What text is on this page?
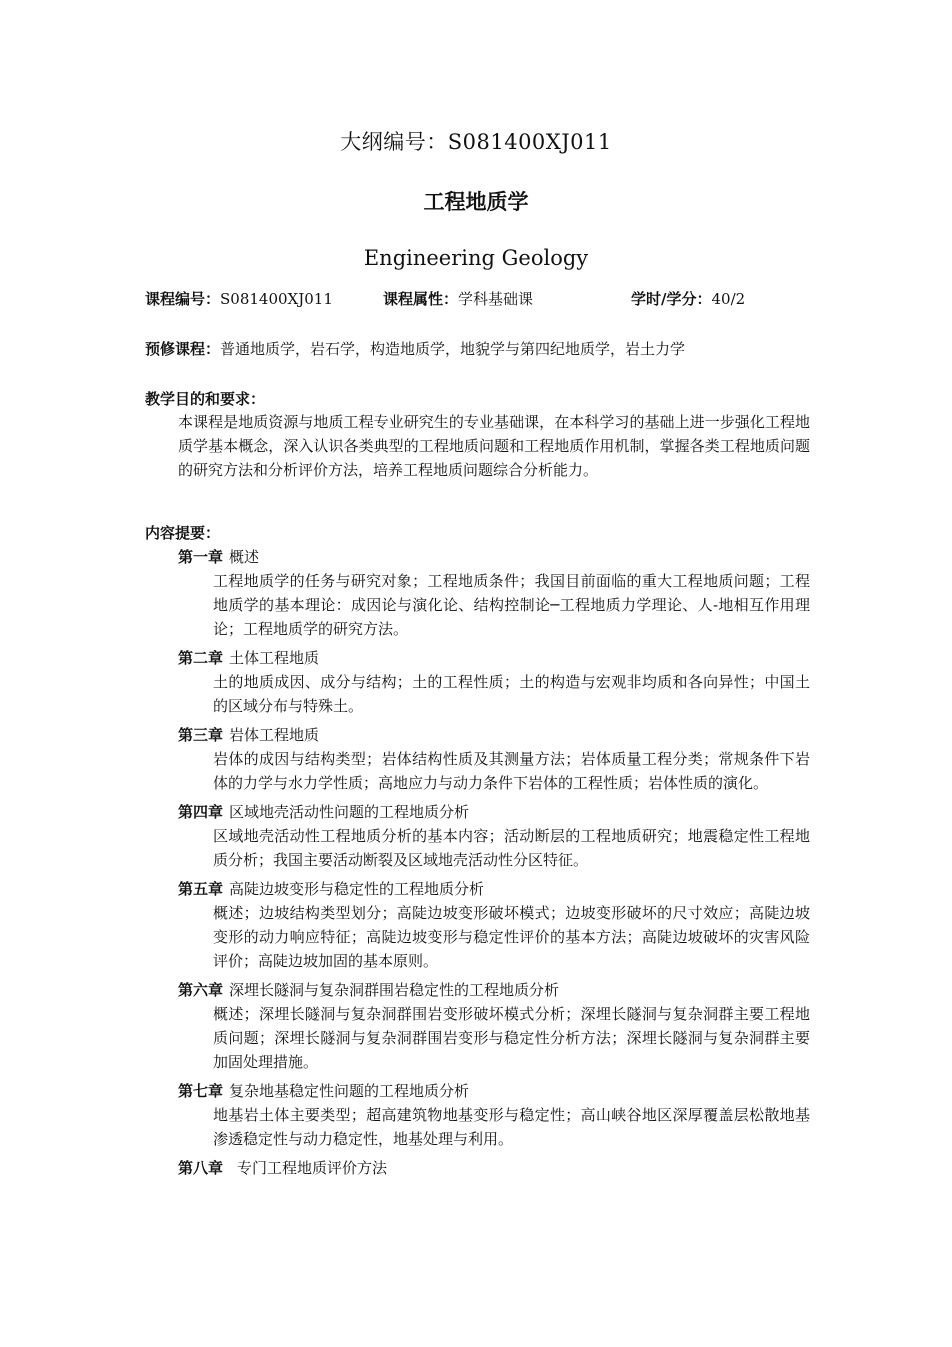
大纲编号：S081400XJ011
工程地质学
Engineering Geology
课程编号：S081400XJ011	课程属性：学科基础课	学时/学分：40/2
预修课程：普通地质学，岩石学，构造地质学，地貌学与第四纪地质学，岩土力学
教学目的和要求：
本课程是地质资源与地质工程专业研究生的专业基础课，在本科学习的基础上进一步强化工程地质学基本概念，深入认识各类典型的工程地质问题和工程地质作用机制，掌握各类工程地质问题的研究方法和分析评价方法，培养工程地质问题综合分析能力。
内容提要：
第一章 概述
工程地质学的任务与研究对象；工程地质条件；我国目前面临的重大工程地质问题；工程地质学的基本理论：成因论与演化论、结构控制论─工程地质力学理论、人-地相互作用理论；工程地质学的研究方法。
第二章 土体工程地质
土的地质成因、成分与结构；土的工程性质；土的构造与宏观非均质和各向异性；中国土的区域分布与特殊土。
第三章 岩体工程地质
岩体的成因与结构类型；岩体结构性质及其测量方法；岩体质量工程分类；常规条件下岩体的力学与水力学性质；高地应力与动力条件下岩体的工程性质；岩体性质的演化。
第四章 区域地壳活动性问题的工程地质分析
区域地壳活动性工程地质分析的基本内容；活动断层的工程地质研究；地震稳定性工程地质分析；我国主要活动断裂及区域地壳活动性分区特征。
第五章 高陡边坡变形与稳定性的工程地质分析
概述；边坡结构类型划分；高陡边坡变形破坏模式；边坡变形破坏的尺寸效应；高陡边坡变形的动力响应特征；高陡边坡变形与稳定性评价的基本方法；高陡边坡破坏的灾害风险评价；高陡边坡加固的基本原则。
第六章 深埋长隧洞与复杂洞群围岩稳定性的工程地质分析
概述；深埋长隧洞与复杂洞群围岩变形破坏模式分析；深埋长隧洞与复杂洞群主要工程地质问题；深埋长隧洞与复杂洞群围岩变形与稳定性分析方法；深埋长隧洞与复杂洞群主要加固处理措施。
第七章 复杂地基稳定性问题的工程地质分析
地基岩土体主要类型；超高建筑物地基变形与稳定性；高山峡谷地区深厚覆盖层松散地基渗透稳定性与动力稳定性，地基处理与利用。
第八章 专门工程地质评价方法
